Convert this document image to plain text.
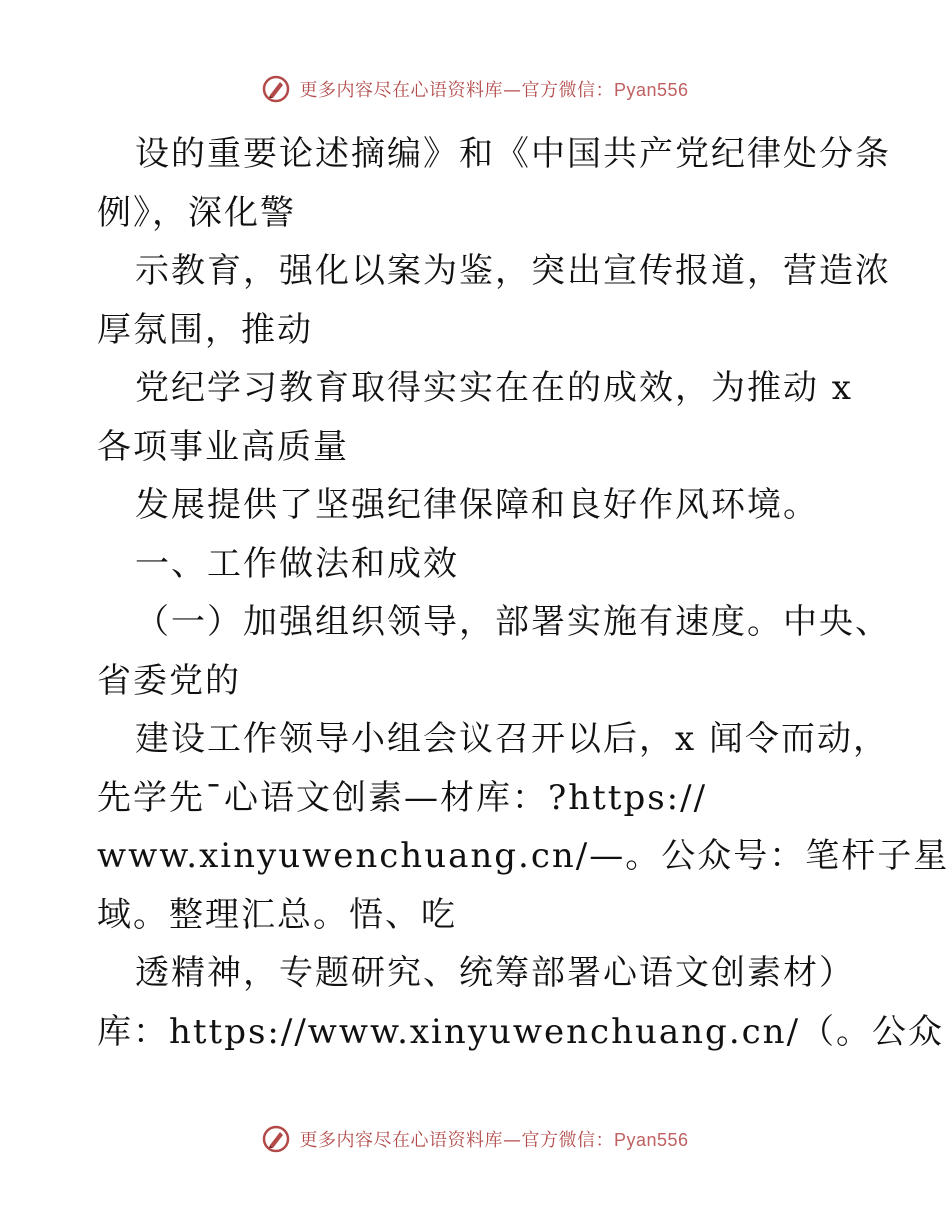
更多内容尽在心语资料库—官方微信：Pyan556
设的重要论述摘编》和《中国共产党纪律处分条
例》，深化警
示教育，强化以案为鉴，突出宣传报道，营造浓
厚氛围，推动
党纪学习教育取得实实在在的成效，为推动 x
各项事业高质量
发展提供了坚强纪律保障和良好作风环境。
一、工作做法和成效
（一）加强组织领导，部署实施有速度。中央、
省委党的
建设工作领导小组会议召开以后，x 闻令而动，
先学先¯心语文创素—材库：?https://
www.xinyuwenchuang.cn/—。公众号：笔杆子星
域。整理汇总。悟、吃
透精神，专题研究、统筹部署心语文创素材）
库：https://www.xinyuwenchuang.cn/（。公众
更多内容尽在心语资料库—官方微信：Pyan556
